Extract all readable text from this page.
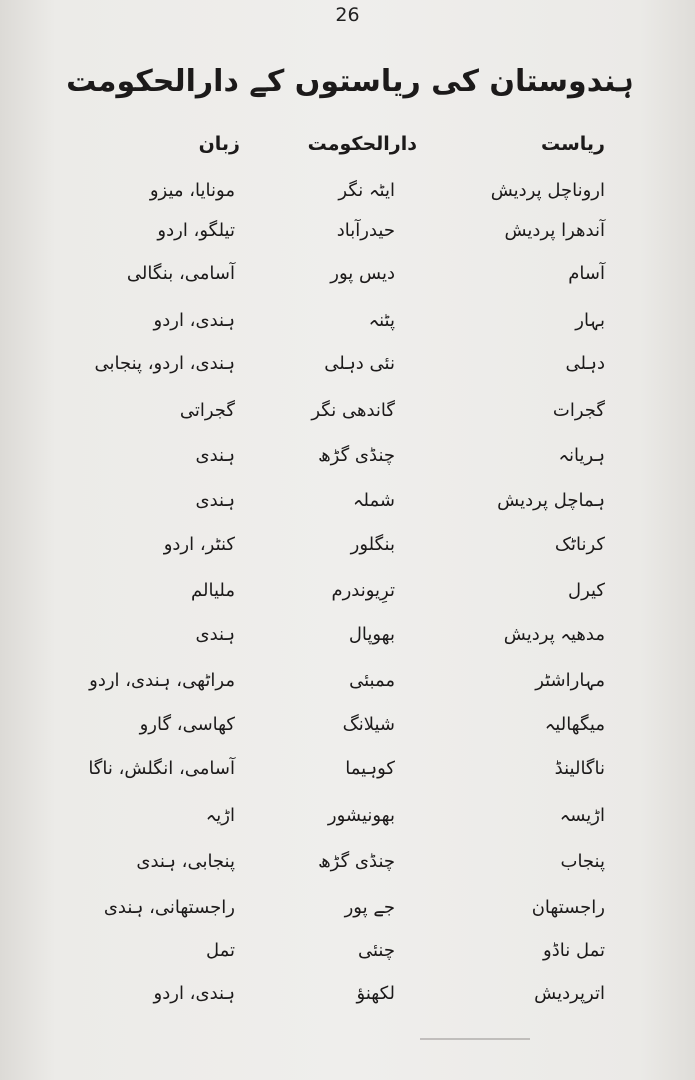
26
ہندوستان کی ریاستوں کے دارالحکومت
ریاست
دارالحکومت
زبان
اروناچل پردیش
ایٹہ نگر
مونایا، میزو
آندھرا پردیش
حیدرآباد
تیلگو، اردو
آسام
دیس پور
آسامی، بنگالی
بہار
پٹنہ
ہندی، اردو
دہلی
نئی دہلی
ہندی، اردو، پنجابی
گجرات
گاندھی نگر
گجراتی
ہریانہ
چنڈی گڑھ
ہندی
ہماچل پردیش
شملہ
ہندی
کرناٹک
بنگلور
کنٹر، اردو
کیرل
ترِیوندرم
ملیالم
مدھیہ پردیش
بھوپال
ہندی
مہاراشٹر
ممبئی
مراٹھی، ہندی، اردو
میگھالیہ
شیلانگ
کھاسی، گارو
ناگالینڈ
کوہیما
آسامی، انگلش، ناگا
اڑیسہ
بھونیشور
اڑیہ
پنجاب
چنڈی گڑھ
پنجابی، ہندی
راجستھان
جے پور
راجستھانی، ہندی
تمل ناڈو
چنئی
تمل
اترپردیش
لکھنؤ
ہندی، اردو
